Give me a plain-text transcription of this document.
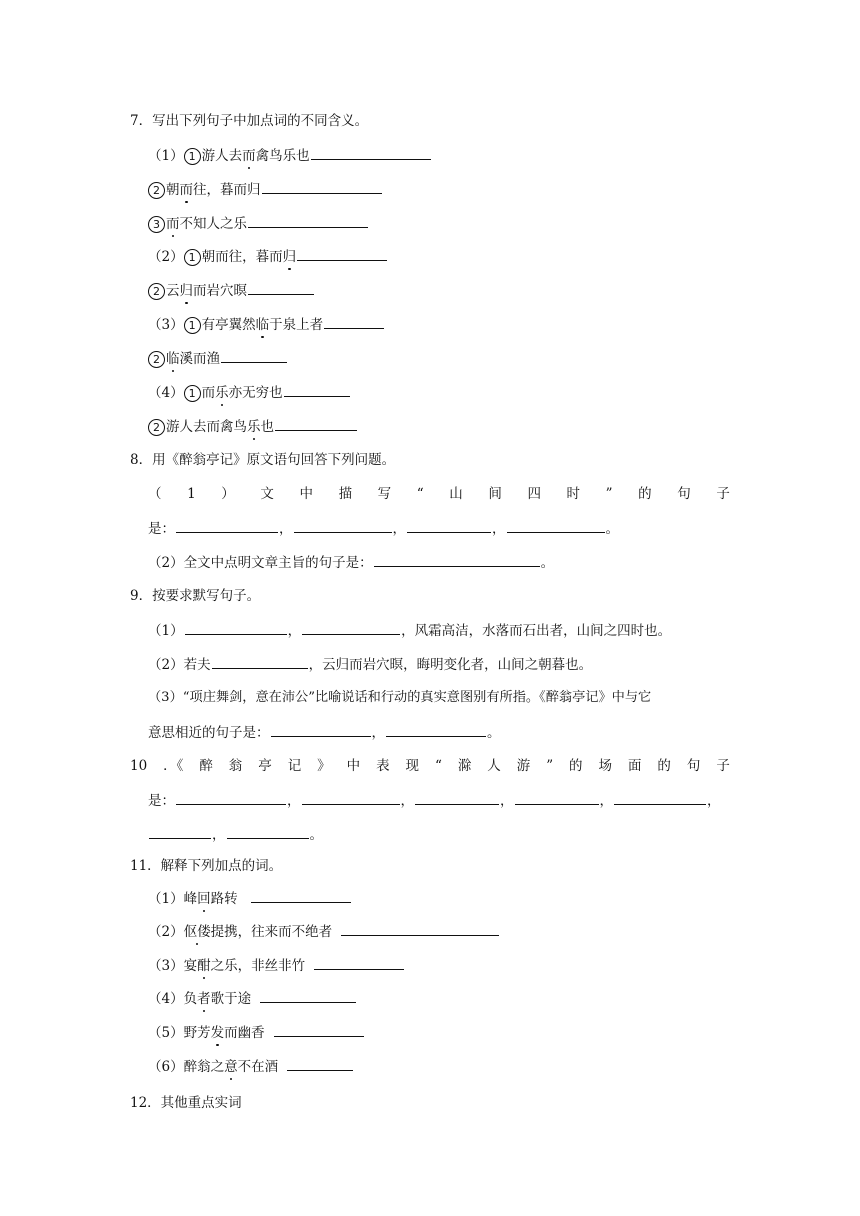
7．写出下列句子中加点词的不同含义。
（1） 1 游人去而禽鸟乐也
2 朝而往，暮而归
3 而不知人之乐
（2） 1 朝而往，暮而归
2 云归而岩穴暝
（3） 1 有亭翼然临于泉上者
2 临溪而渔
（4） 1 而乐亦无穷也
2 游人去而禽鸟乐也
8．用《醉翁亭记》原文语句回答下列问题。
（ 1 ） 文 中 描 写 “ 山 间 四 时 ” 的 句 子
是：	，	，	，	。
（2）全文中点明文章主旨的句子是：	。
9．按要求默写句子。
（1）	，	，风霜高洁，水落而石出者，山间之四时也。
（2）若夫	，云归而岩穴暝，晦明变化者，山间之朝暮也。
（3）“项庄舞剑，意在沛公”比喻说话和行动的真实意图别有所指。《醉翁亭记》中与它
意思相近的句子是：	，	。
10 ．《 醉 翁 亭 记 》 中 表 现 “ 滁 人 游 ” 的 场 面 的 句 子
是：	，	，	，	，	，
，	。
11．解释下列加点的词。
（1）峰回路转
（2）伛偻提携，往来而不绝者
（3）宴酣之乐，非丝非竹
（4）负者歌于途
（5）野芳发而幽香
（6）醉翁之意不在酒
12．其他重点实词
